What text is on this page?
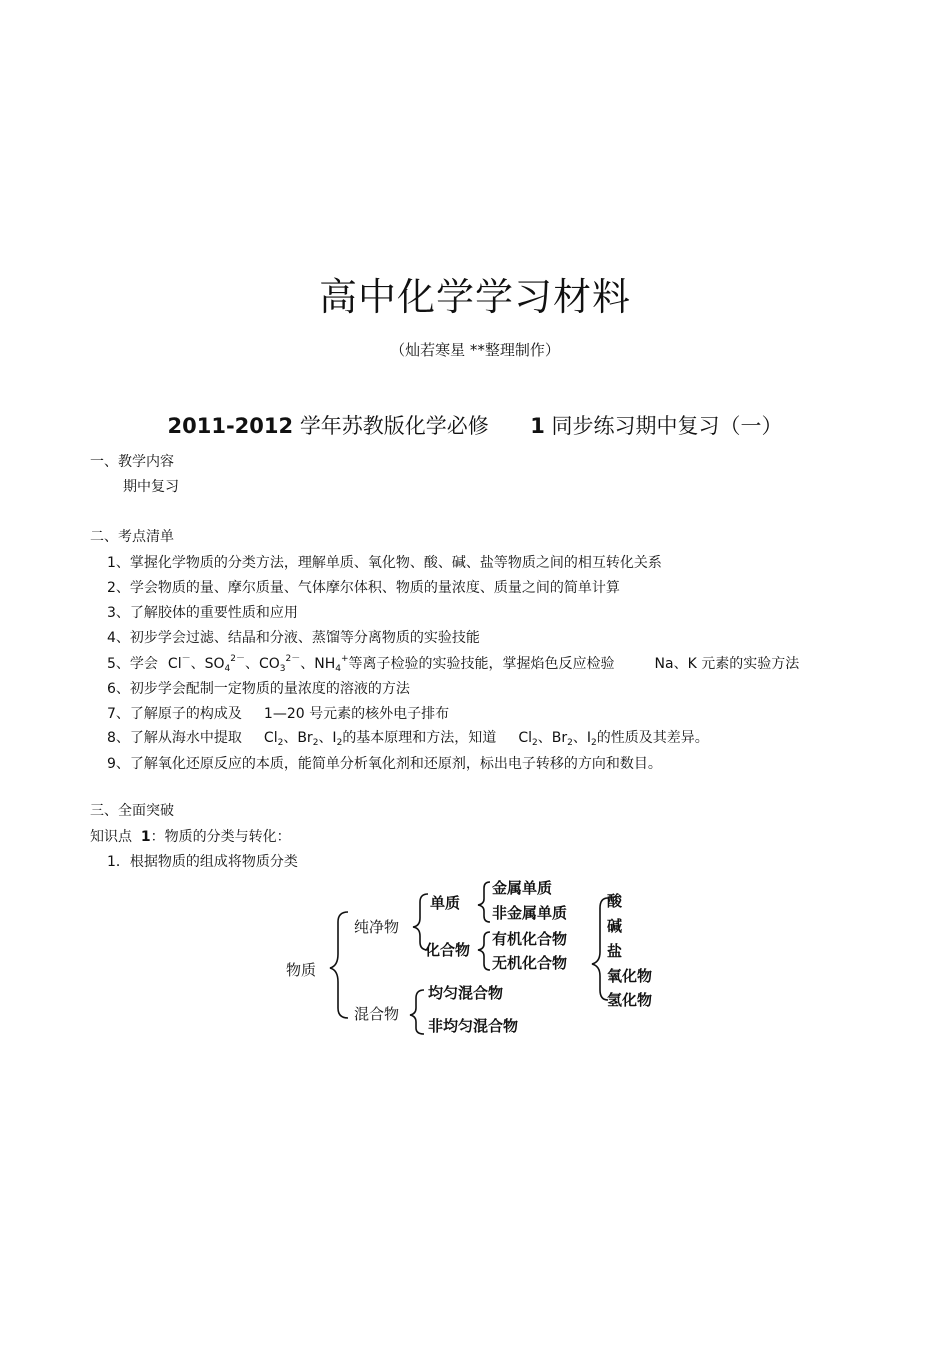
高中化学学习材料
（灿若寒星 **整理制作）
2011-2012 学年苏教版化学必修 1 同步练习期中复习（一）
一、教学内容
期中复习
二、考点清单
1、掌握化学物质的分类方法，理解单质、氧化物、酸、碱、盐等物质之间的相互转化关系
2、学会物质的量、摩尔质量、气体摩尔体积、物质的量浓度、质量之间的简单计算
3、了解胶体的重要性质和应用
4、初步学会过滤、结晶和分液、蒸馏等分离物质的实验技能
5、学会 Cl－、$SO_4^{2-}$、$CO_3^{2-}$、$NH_4^+$等离子检验的实验技能，掌握焰色反应检验	Na、K 元素的实验方法
6、初步学会配制一定物质的量浓度的溶液的方法
7、了解原子的构成及 1—20 号元素的核外电子排布
8、了解从海水中提取 $Cl_2$、$Br_2$、$I_2$的基本原理和方法，知道 $Cl_2$、$Br_2$、$I_2$的性质及其差异。
9、了解氧化还原反应的本质，能简单分析氧化剂和还原剂，标出电子转移的方向和数目。
三、全面突破
知识点 1：物质的分类与转化：
1．根据物质的组成将物质分类
物质
纯净物
混合物
单质
化合物
金属单质
非金属单质
有机化合物
无机化合物
酸
碱
盐
氧化物
氢化物
均匀混合物
非均匀混合物
